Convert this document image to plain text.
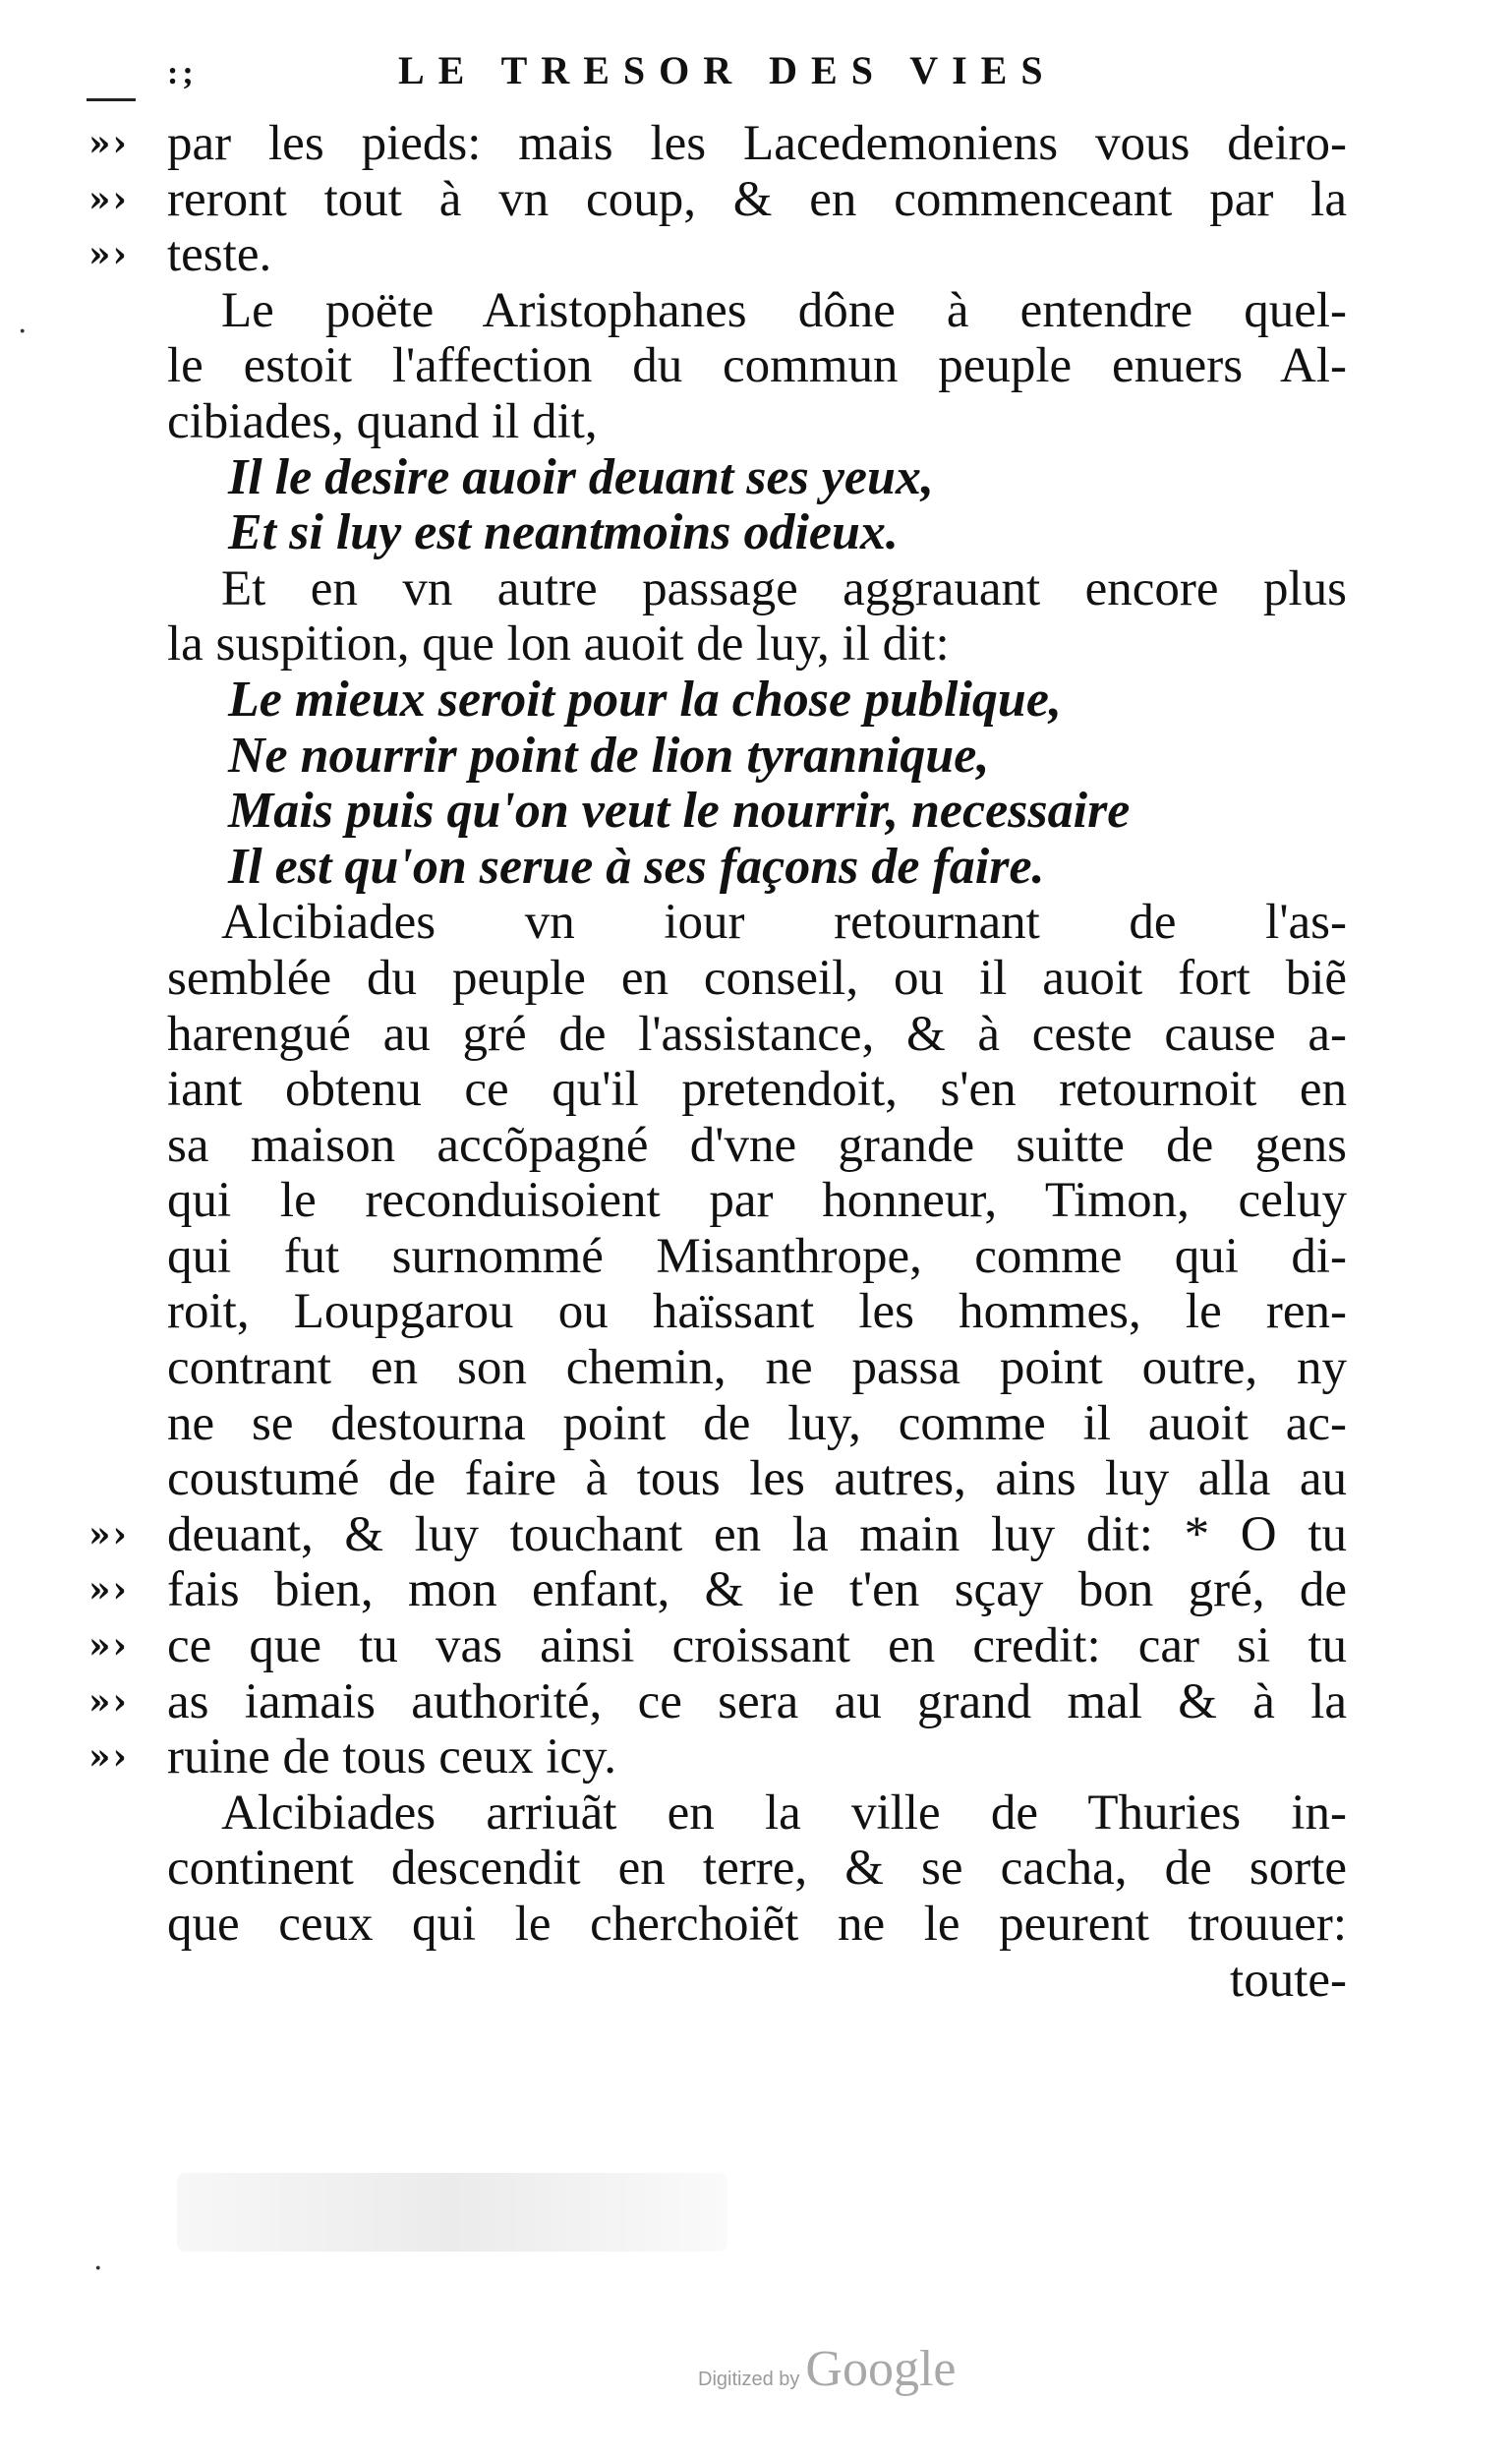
:;	LE TRESOR DES VIES
·
·
»› par les pieds: mais les Lacedemoniens vous deiro-
»› reront tout à vn coup, & en commenceant par la
»› teste.
Le poëte Aristophanes dône à entendre quel-
le estoit l'affection du commun peuple enuers Al-
cibiades, quand il dit,
Il le desire auoir deuant ses yeux,
Et si luy est neantmoins odieux.
Et en vn autre passage aggrauant encore plus
la suspition, que lon auoit de luy, il dit:
Le mieux seroit pour la chose publique,
Ne nourrir point de lion tyrannique,
Mais puis qu'on veut le nourrir, necessaire
Il est qu'on serue à ses façons de faire.
Alcibiades vn iour retournant de l'as-
semblée du peuple en conseil, ou il auoit fort biẽ
harengué au gré de l'assistance, & à ceste cause a-
iant obtenu ce qu'il pretendoit, s'en retournoit en
sa maison accõpagné d'vne grande suitte de gens
qui le reconduisoient par honneur, Timon, celuy
qui fut surnommé Misanthrope, comme qui di-
roit, Loupgarou ou haïssant les hommes, le ren-
contrant en son chemin, ne passa point outre, ny
ne se destourna point de luy, comme il auoit ac-
coustumé de faire à tous les autres, ains luy alla au
»› deuant, & luy touchant en la main luy dit: * O tu
»› fais bien, mon enfant, & ie t'en sçay bon gré, de
»› ce que tu vas ainsi croissant en credit: car si tu
»› as iamais authorité, ce sera au grand mal & à la
»› ruine de tous ceux icy.
Alcibiades arriuãt en la ville de Thuries in-
continent descendit en terre, & se cacha, de sorte
que ceux qui le cherchoiẽt ne le peurent trouuer:
toute-
Digitized by Google
